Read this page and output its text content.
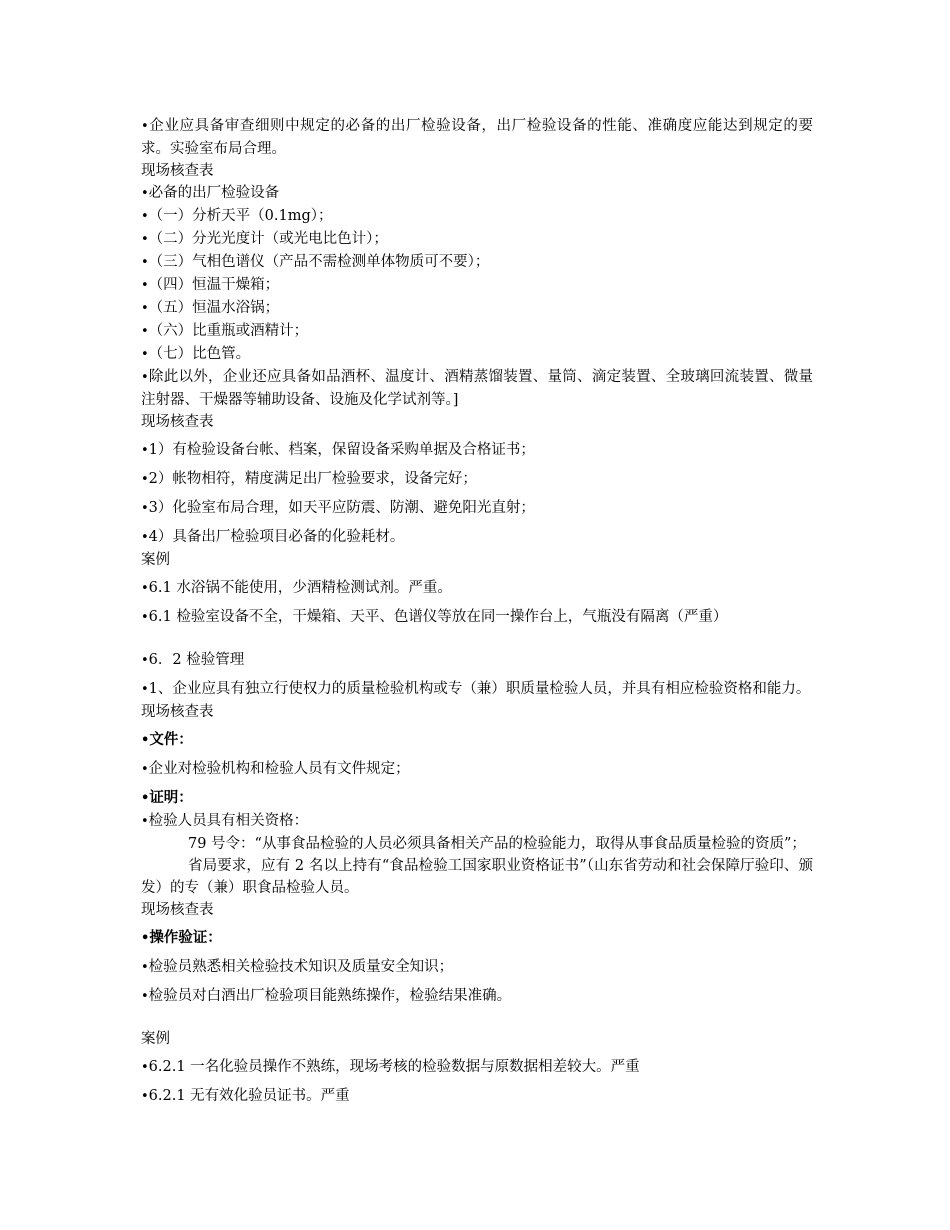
•企业应具备审查细则中规定的必备的出厂检验设备，出厂检验设备的性能、准确度应能达到规定的要求。实验室布局合理。

现场核查表

•必备的出厂检验设备

•（一）分析天平（0.1mg）；

•（二）分光光度计（或光电比色计）；

•（三）气相色谱仪（产品不需检测单体物质可不要）；

•（四）恒温干燥箱；

•（五）恒温水浴锅；

•（六）比重瓶或酒精计；

•（七）比色管。

•除此以外，企业还应具备如品酒杯、温度计、酒精蒸馏装置、量筒、滴定装置、全玻璃回流装置、微量注射器、干燥器等辅助设备、设施及化学试剂等。]

现场核查表

•1）有检验设备台帐、档案，保留设备采购单据及合格证书；

•2）帐物相符，精度满足出厂检验要求，设备完好；

•3）化验室布局合理，如天平应防震、防潮、避免阳光直射；

•4）具备出厂检验项目必备的化验耗材。

案例

•6.1 水浴锅不能使用，少酒精检测试剂。严重。

•6.1 检验室设备不全，干燥箱、天平、色谱仪等放在同一操作台上，气瓶没有隔离（严重）

•6．2 检验管理

•1、企业应具有独立行使权力的质量检验机构或专（兼）职质量检验人员，并具有相应检验资格和能力。

现场核查表

•文件：

•企业对检验机构和检验人员有文件规定；

•证明：

•检验人员具有相关资格：

79 号令：“从事食品检验的人员必须具备相关产品的检验能力，取得从事食品质量检验的资质”；

省局要求，应有 2 名以上持有“食品检验工国家职业资格证书”（山东省劳动和社会保障厅验印、颁发）的专（兼）职食品检验人员。

现场核查表

•操作验证：

•检验员熟悉相关检验技术知识及质量安全知识；

•检验员对白酒出厂检验项目能熟练操作，检验结果准确。

案例

•6.2.1 一名化验员操作不熟练，现场考核的检验数据与原数据相差较大。严重

•6.2.1 无有效化验员证书。严重
